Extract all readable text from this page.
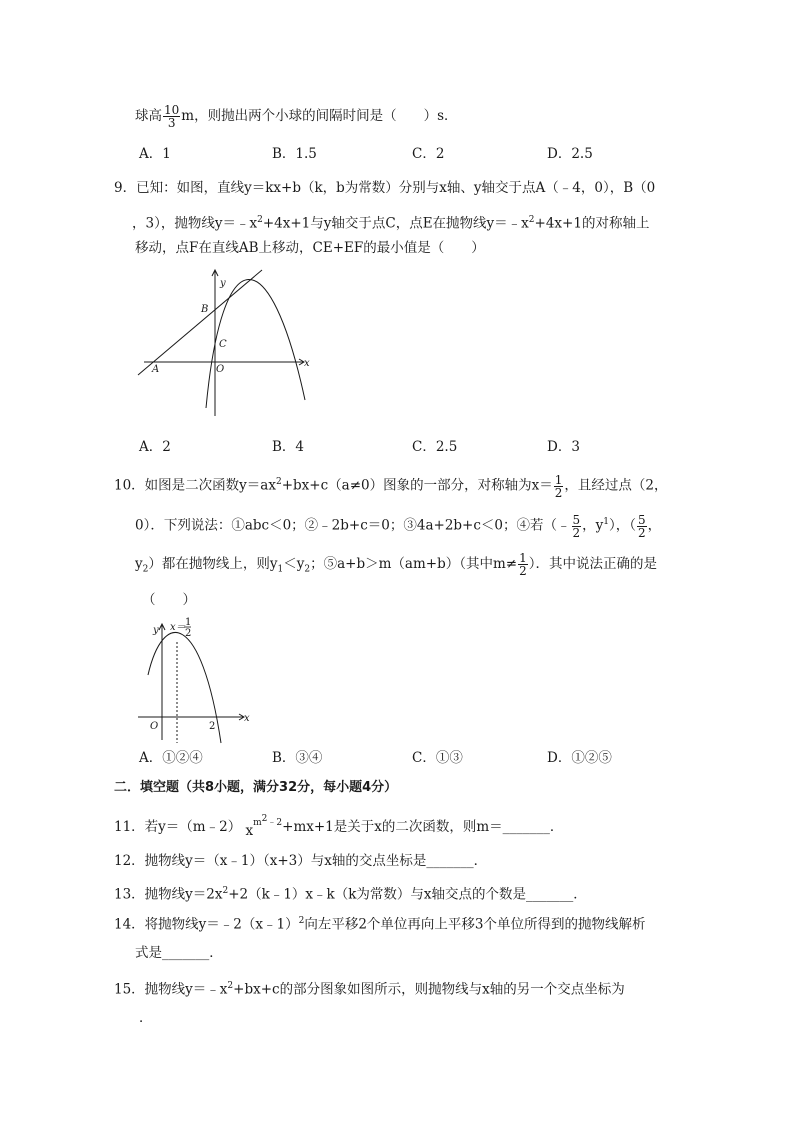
球高 $\frac{10}{3}$ m，则抛出两个小球的间隔时间是（　　）s．
A．1	B．1.5	C．2	D．2.5
9．已知：如图，直线y＝kx+b（k，b为常数）分别与x轴、y轴交于点A（﹣4，0），B（0
，3），抛物线$y=﹣x^2+4x+1$与y轴交于点C，点E在抛物线$y=﹣x^2+4x+1$的对称轴上
移动，点F在直线AB上移动，CE+EF的最小值是（　　）
y
x
B
C
A	O
A．2	B．4	C．2.5	D．3
10．如图是二次函数$y=ax^2+bx+c(a\ne 0)$图象的一部分，对称轴为$x= \frac{1}{2}$ ，且经过点（2，
0）．下列说法：①abc＜0；②﹣2b+c＝0；③4a+2b+c＜0；④若（﹣ $\frac{5}{2}$ ，$y^1$），（ $\frac{5}{2}$ ，
$y_2$）都在抛物线上，则$y_1<y_2$；⑤a+b＞m（am+b）（其中$m\ne \frac{1}{2}$ ）．其中说法正确的是
（　　）
y x＝ 1
2
O	2
x
A．①②④	B．③④	C．①③	D．①②⑤
二．填空题（共8小题，满分32分，每小题4分）
11．若y＝（m﹣2） $x^{m^2﹣2}+mx+1$是关于x的二次函数，则m＝_______．
12．抛物线y＝（x﹣1）（x+3）与x轴的交点坐标是_______．
13．抛物线$y=2x^2+2(k﹣1)x﹣k(k$为常数）与x轴交点的个数是_______．
14．将抛物线y＝﹣2（x﹣1）$^2$向左平移2个单位再向上平移3个单位所得到的抛物线解析
式是_______．
15．抛物线$y=﹣x^2+bx+c$的部分图象如图所示，则抛物线与x轴的另一个交点坐标为
．
